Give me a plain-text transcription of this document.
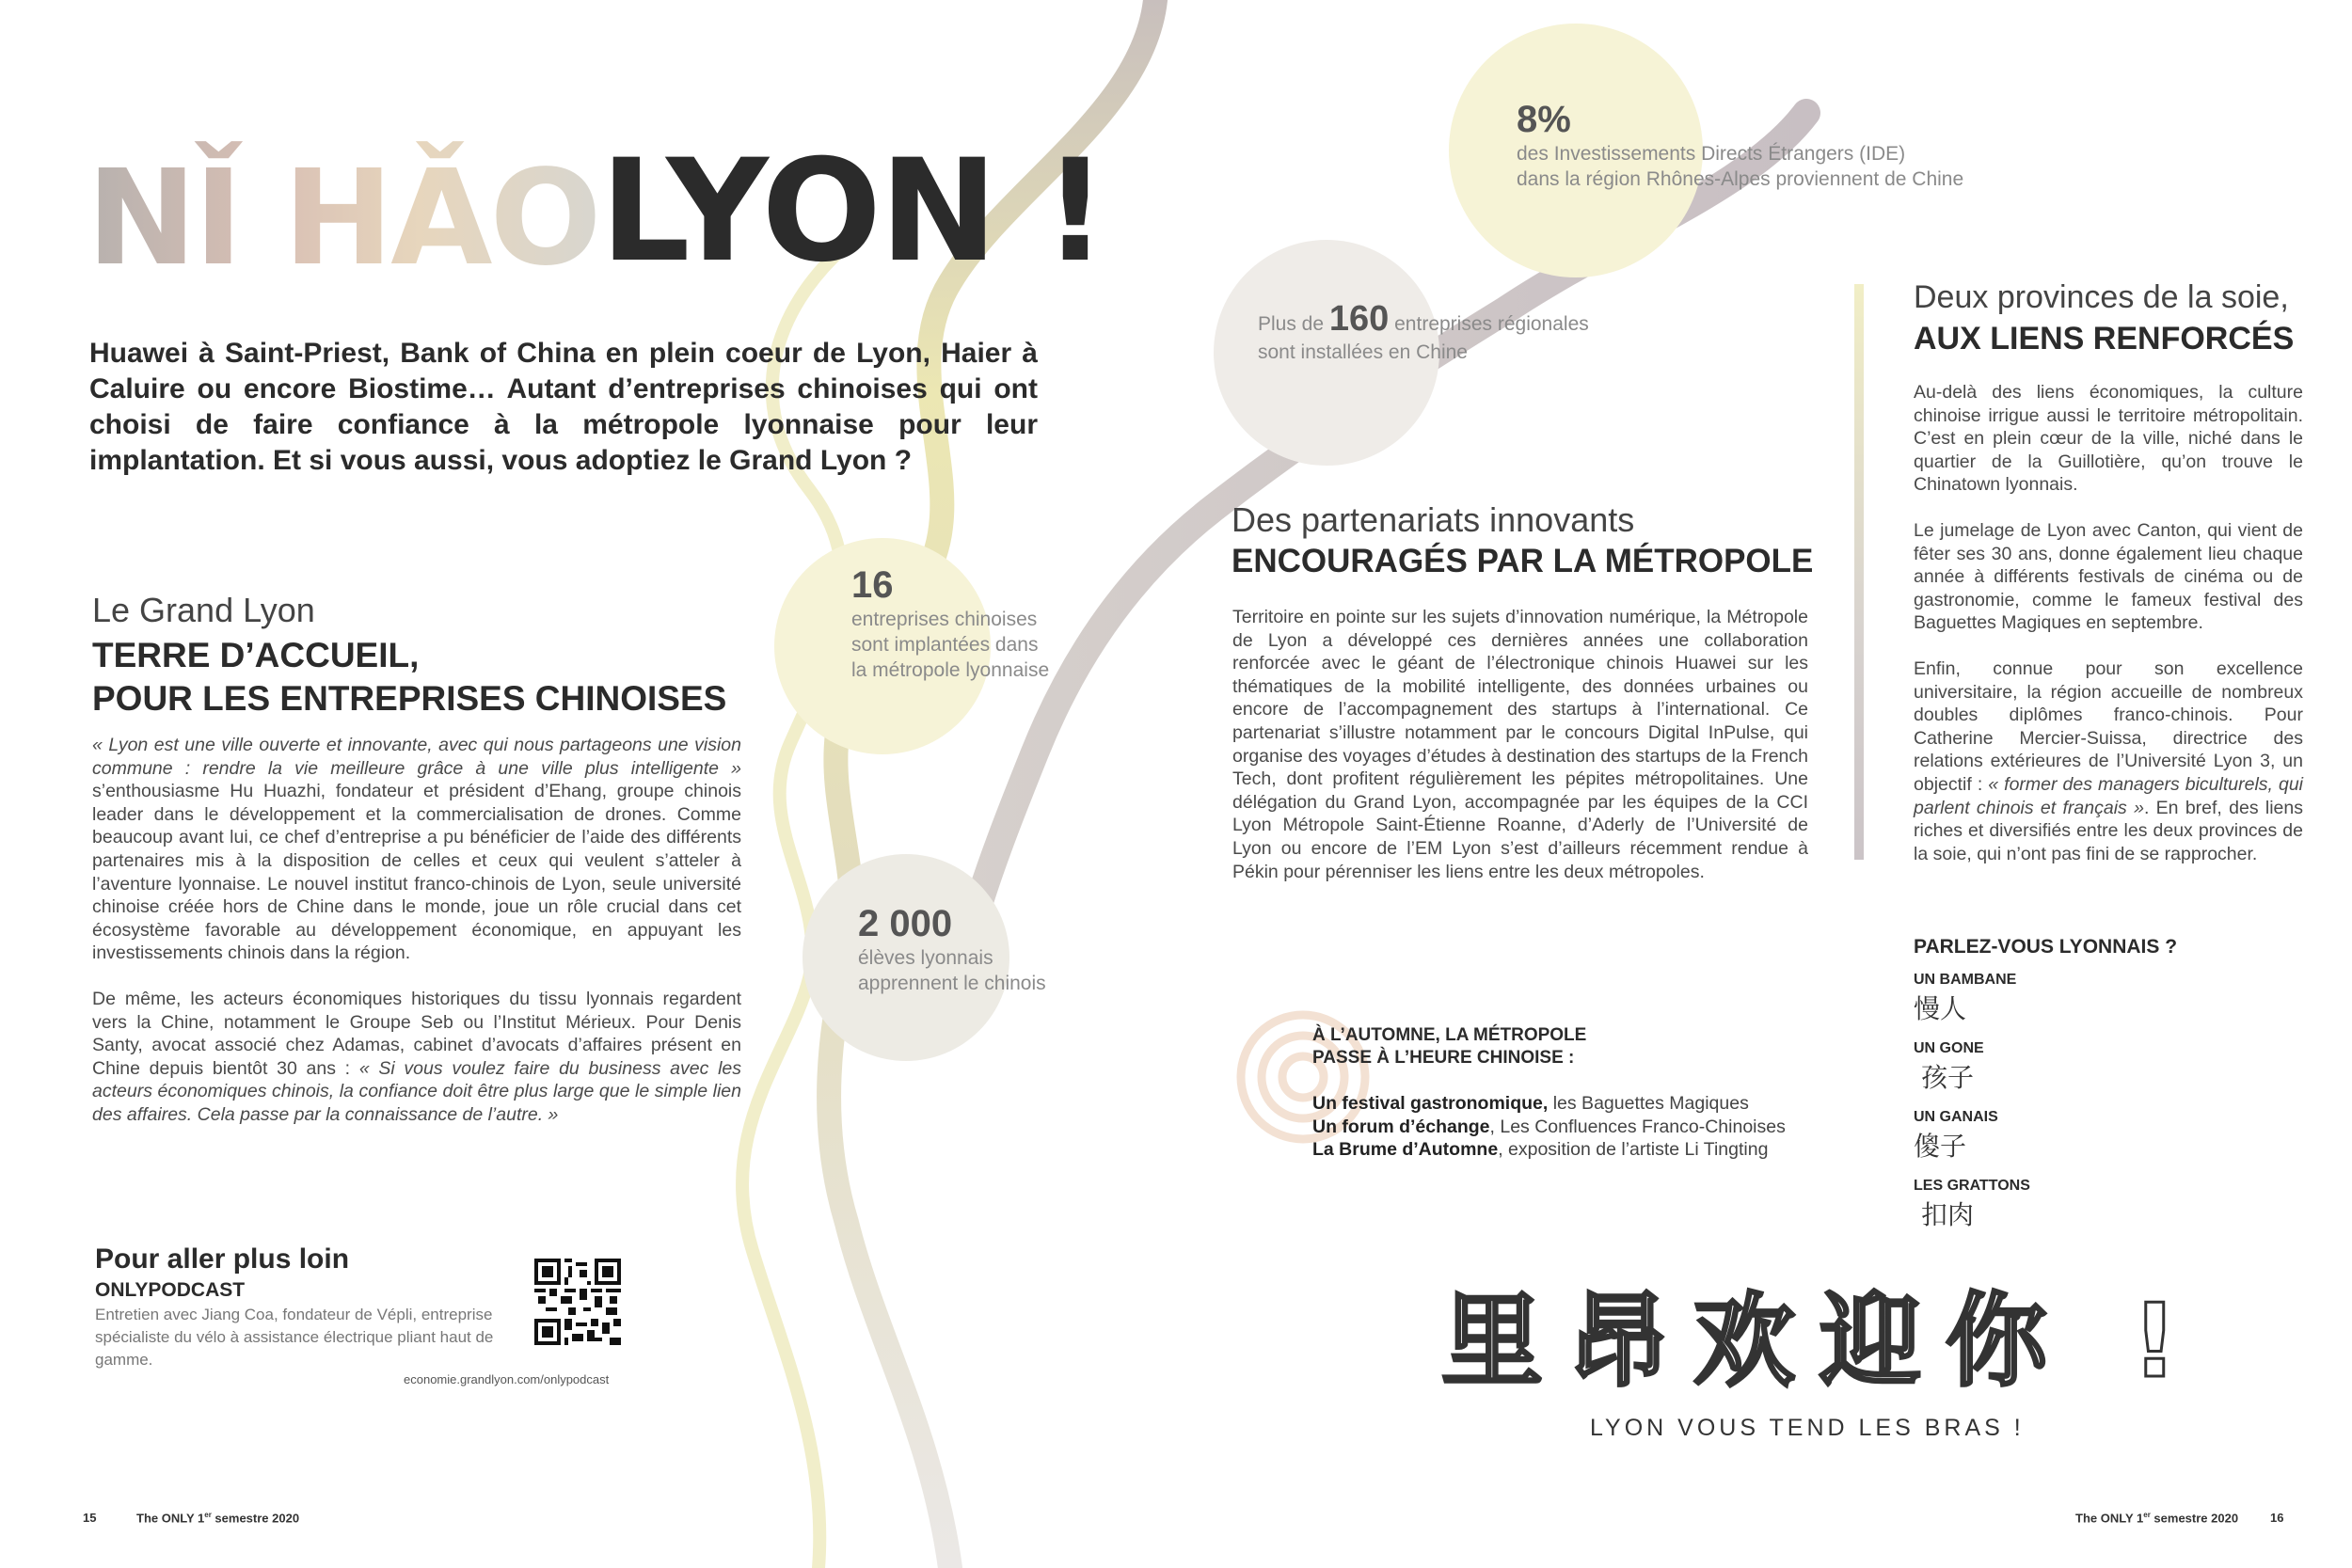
NǏ HǍO LYON !
Huawei à Saint-Priest, Bank of China en plein coeur de Lyon, Haier à Caluire ou encore Biostime… Autant d’entreprises chinoises qui ont choisi de faire confiance à la métropole lyonnaise pour leur implantation. Et si vous aussi, vous adoptiez le Grand Lyon ?
Le Grand Lyon
TERRE D’ACCUEIL,
POUR LES ENTREPRISES CHINOISES

« Lyon est une ville ouverte et innovante, avec qui nous partageons une vision commune : rendre la vie meilleure grâce à une ville plus intelligente » s’enthousiasme Hu Huazhi, fondateur et président d’Ehang, groupe chinois leader dans le développement et la commercialisation de drones. Comme beaucoup avant lui, ce chef d’entreprise a pu bénéficier de l’aide des différents partenaires mis à la disposition de celles et ceux qui veulent s’atteler à l’aventure lyonnaise. Le nouvel institut franco-chinois de Lyon, seule université chinoise créée hors de Chine dans le monde, joue un rôle crucial dans cet écosystème favorable au développement économique, en appuyant les investissements chinois dans la région.

De même, les acteurs économiques historiques du tissu lyonnais regardent vers la Chine, notamment le Groupe Seb ou l’Institut Mérieux. Pour Denis Santy, avocat associé chez Adamas, cabinet d’avocats d’affaires présent en Chine depuis bientôt 30 ans : « Si vous voulez faire du business avec les acteurs économiques chinois, la confiance doit être plus large que le simple lien des affaires. Cela passe par la connaissance de l’autre. »

16
entreprises chinoises
sont implantées dans
la métropole lyonnaise
2 000
élèves lyonnais
apprennent le chinois
Plus de 160 entreprises régionales
sont installées en Chine
8%
des Investissements Directs Étrangers (IDE)
dans la région Rhônes-Alpes proviennent de Chine
Pour aller plus loin
ONLYPODCAST
Entretien avec Jiang Coa, fondateur de Vépli, entreprise spécialiste du vélo à assistance électrique pliant haut de gamme.
economie.grandlyon.com/onlypodcast
Des partenariats innovants
ENCOURAGÉS PAR LA MÉTROPOLE
Territoire en pointe sur les sujets d’innovation numérique, la Métropole de Lyon a développé ces dernières années une collaboration renforcée avec le géant de l’électronique chinois Huawei sur les thématiques de la mobilité intelligente, des données urbaines ou encore de l’accompagnement des startups à l’international. Ce partenariat s’illustre notamment par le concours Digital InPulse, qui organise des voyages d’études à destination des startups de la French Tech, dont profitent régulièrement les pépites métropolitaines. Une délégation du Grand Lyon, accompagnée par les équipes de la CCI Lyon Métropole Saint-Étienne Roanne, d’Aderly de l’Université de Lyon ou encore de l’EM Lyon s’est d’ailleurs récemment rendue à Pékin pour pérenniser les liens entre les deux métropoles.
À L’AUTOMNE, LA MÉTROPOLE
PASSE À L’HEURE CHINOISE :
Un festival gastronomique, les Baguettes Magiques
Un forum d’échange, Les Confluences Franco-Chinoises
La Brume d’Automne, exposition de l’artiste Li Tingting
Deux provinces de la soie,
AUX LIENS RENFORCÉS

Au-delà des liens économiques, la culture chinoise irrigue aussi le territoire métropolitain. C’est en plein cœur de la ville, niché dans le quartier de la Guillotière, qu’on trouve le Chinatown lyonnais.

Le jumelage de Lyon avec Canton, qui vient de fêter ses 30 ans, donne également lieu chaque année à différents festivals de cinéma ou de gastronomie, comme le fameux festival des Baguettes Magiques en septembre.

Enfin, connue pour son excellence universitaire, la région accueille de nombreux doubles diplômes franco-chinois. Pour Catherine Mercier-Suissa, directrice des relations extérieures de l’Université Lyon 3, un objectif : « former des managers biculturels, qui parlent chinois et français ». En bref, des liens riches et diversifiés entre les deux provinces de la soie, qui n’ont pas fini de se rapprocher.

PARLEZ-VOUS LYONNAIS ?
UN BAMBANE
慢人
UN GONE
孩子
UN GANAIS
傻子
LES GRATTONS
扣肉
里昂欢迎你 !
LYON VOUS TEND LES BRAS !
15	The ONLY 1er semestre 2020	The ONLY 1er semestre 2020	16
